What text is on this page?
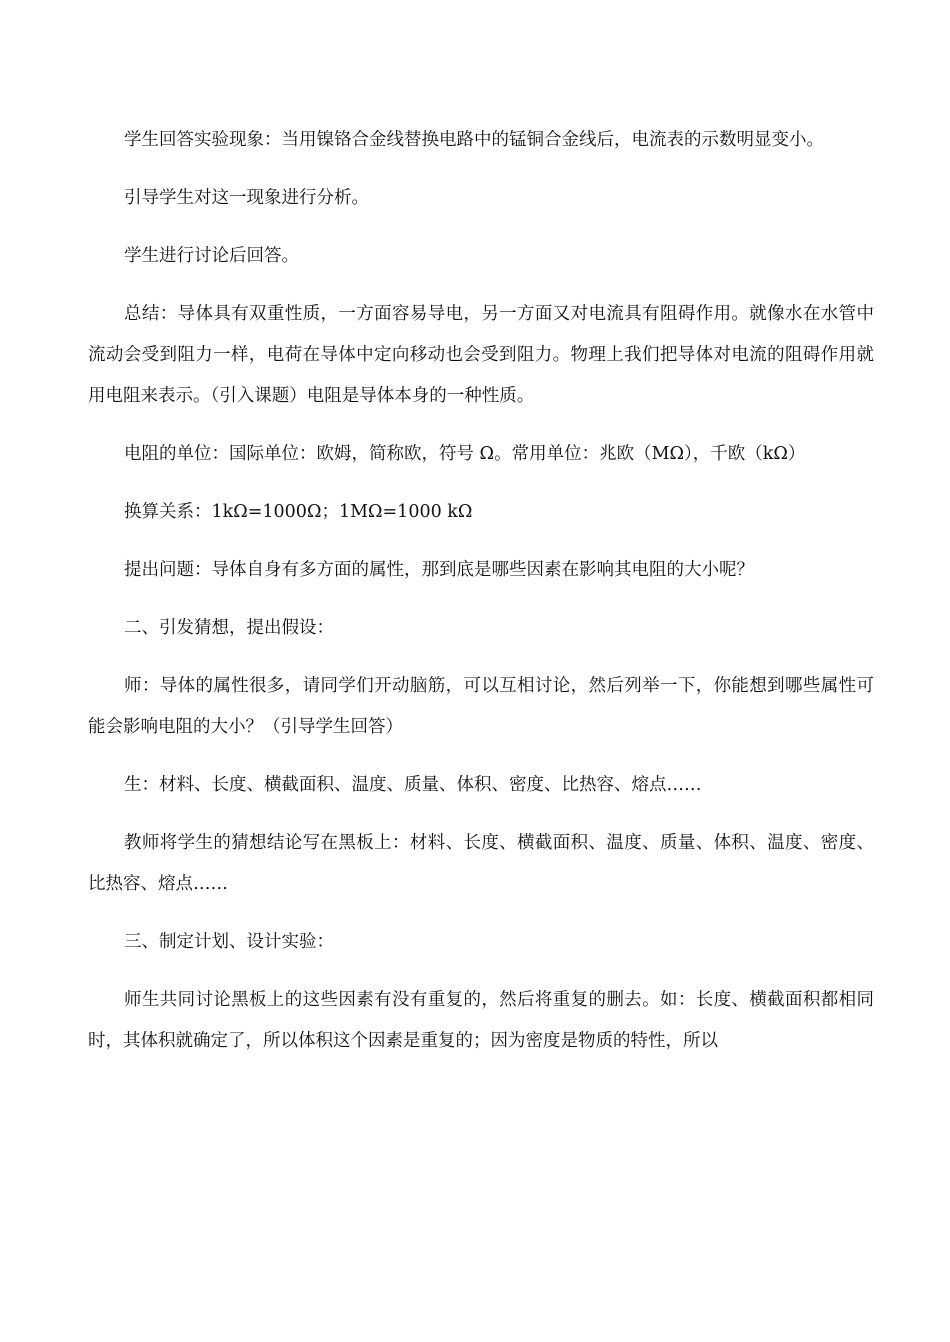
学生回答实验现象：当用镍铬合金线替换电路中的锰铜合金线后，电流表的示数明显变小。

引导学生对这一现象进行分析。

学生进行讨论后回答。

总结：导体具有双重性质，一方面容易导电，另一方面又对电流具有阻碍作用。就像水在水管中流动会受到阻力一样，电荷在导体中定向移动也会受到阻力。物理上我们把导体对电流的阻碍作用就用电阻来表示。（引入课题）电阻是导体本身的一种性质。

电阻的单位：国际单位：欧姆，简称欧，符号 Ω。常用单位：兆欧（MΩ），千欧（kΩ）

换算关系：1kΩ=1000Ω；1MΩ=1000 kΩ

提出问题：导体自身有多方面的属性，那到底是哪些因素在影响其电阻的大小呢？

二、引发猜想，提出假设：

师：导体的属性很多，请同学们开动脑筋，可以互相讨论，然后列举一下，你能想到哪些属性可能会影响电阻的大小？（引导学生回答）

生：材料、长度、横截面积、温度、质量、体积、密度、比热容、熔点……

教师将学生的猜想结论写在黑板上：材料、长度、横截面积、温度、质量、体积、温度、密度、比热容、熔点……

三、制定计划、设计实验：

师生共同讨论黑板上的这些因素有没有重复的，然后将重复的删去。如：长度、横截面积都相同时，其体积就确定了，所以体积这个因素是重复的；因为密度是物质的特性，所以
